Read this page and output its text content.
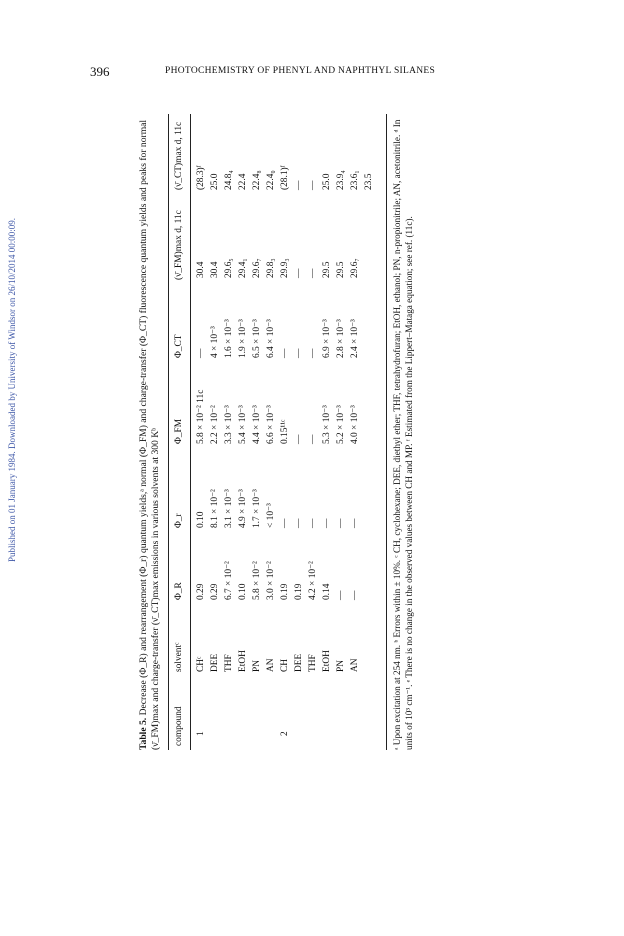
396	PHOTOCHEMISTRY OF PHENYL AND NAPHTHYL SILANES
Published on 01 January 1984. Downloaded by University of Windsor on 26/10/2014 00:00:09.
Table 5. Decrease (Φ_R) and rearrangement (Φ_r) quantum yields,ᵃ normal (Φ_FM) and charge-transfer (Φ_CT) fluorescence quantum yields and peaks for normal (ν̄_FM)max and charge-transfer (ν̄_CT)max emissions in various solvents at 300 Kᵇ compound
solventᶜ
Φ_R
Φ_r
Φ_FM
Φ_CT
(ν̄_FM)max d, 11c
(ν̄_CT)max d, 11c
1
CHᶜ
0.29
0.10
5.8 × 10⁻² 11c
—
30.4
(28.3)ᶠ
DEE
0.29
8.1 × 10⁻²
2.2 × 10⁻²
4 × 10⁻³
30.4
25.0
THF
6.7 × 10⁻²
3.1 × 10⁻³
3.3 × 10⁻³
1.6 × 10⁻³
29.6₅
24.8₄
EtOH
0.10
4.9 × 10⁻³
5.4 × 10⁻³
1.9 × 10⁻³
29.4₁
22.4
PN
5.8 × 10⁻²
1.7 × 10⁻³
4.4 × 10⁻³
6.5 × 10⁻³
29.6₇
22.4₈
AN
3.0 × 10⁻²
< 10⁻³
6.6 × 10⁻³
6.4 × 10⁻³
29.8₃
22.4₀
2
CH
0.19
—
0.15¹¹ᶜ
—
29.9₃
(28.1)ᶠ
DEE
0.19
—
—
—
—
—
THF
4.2 × 10⁻²
—
—
—
—
—
EtOH
0.14
—
5.3 × 10⁻³
6.9 × 10⁻³
29.5
25.0
PN
—
—
5.2 × 10⁻³
2.8 × 10⁻³
29.5
23.9₄
AN
—
—
4.0 × 10⁻³
2.4 × 10⁻³
29.6₇
23.6₁ 23.5 ᵃ Upon excitation at 254 nm. ᵇ Errors within ± 10%. ᶜ CH, cyclohexane; DEE, diethyl ether; THF, tetrahydrofuran; EtOH, ethanol; PN, n-propionitrile; AN, acetonitrile. ᵈ In units of 10³ cm⁻¹. ᵉ There is no change in the observed values between CH and MP. ᶠ Estimated from the Lippert–Mataga equation; see ref. (11c).
